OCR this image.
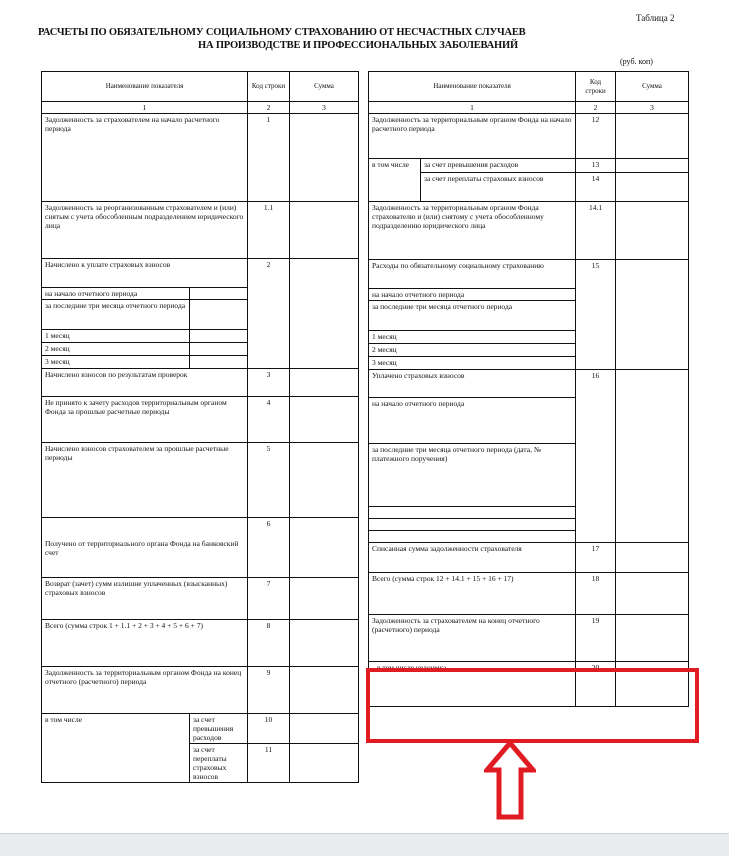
Таблица 2
РАСЧЕТЫ ПО ОБЯЗАТЕЛЬНОМУ СОЦИАЛЬНОМУ СТРАХОВАНИЮ ОТ НЕСЧАСТНЫХ СЛУЧАЕВ
НА ПРОИЗВОДСТВЕ И ПРОФЕССИОНАЛЬНЫХ ЗАБОЛЕВАНИЙ
(руб. коп)
Наименование показателя		Код строки	Сумма
1		2	3
Задолженность за страхователем на начало расчетного периода		1	
Задолженность за реорганизованным страхователем и (или) снятым с учета обособленным подразделением юридического лица		1.1	
Начислено к уплате страховых взносов		2	
на начало отчетного периода			
за последние три месяца отчетного периода			
1 месяц			
2 месяц			
3 месяц			
Начислено взносов по результатам проверок		3	
Не принято к зачету расходов территориальным органом Фонда за прошлые расчетные периоды		4	
Начислено взносов страхователем за прошлые расчетные периоды		5	
Получено от территориального органа Фонда на банковский счет		6	
Возврат (зачет) сумм излишне уплаченных (взысканных) страховых взносов		7	
Всего (сумма строк 1 + 1.1 + 2 + 3 + 4 + 5 + 6 + 7)		8	
Задолженность за территориальным органом Фонда на конец отчетного (расчетного) периода		9	
в том числе	за счет превышения расходов	10	
	за счет переплаты страховых взносов	11	
Наименование показателя		Код строки	Сумма
1		2	3
Задолженность за территориальным органом Фонда на начало расчетного периода		12	
в том числе	за счет превышения расходов	13	
	за счет переплаты страховых взносов	14	
Задолженность за территориальным органом Фонда страхователю и (или) снятому с учета обособленному подразделению юридического лица		14.1	
Расходы по обязательному социальному страхованию		15	
на начало отчетного периода			
за последние три месяца отчетного периода			
1 месяц			
2 месяц			
3 месяц			
Уплачено страховых взносов		16	
на начало отчетного периода			
за последние три месяца отчетного периода (дата, № платежного поручения)			

Списанная сумма задолженности страхователя		17	
Всего (сумма строк 12 + 14.1 + 15 + 16 + 17)		18	
Задолженность за страхователем на конец отчетного (расчетного) периода		19	
в том числе недоимка		20	
